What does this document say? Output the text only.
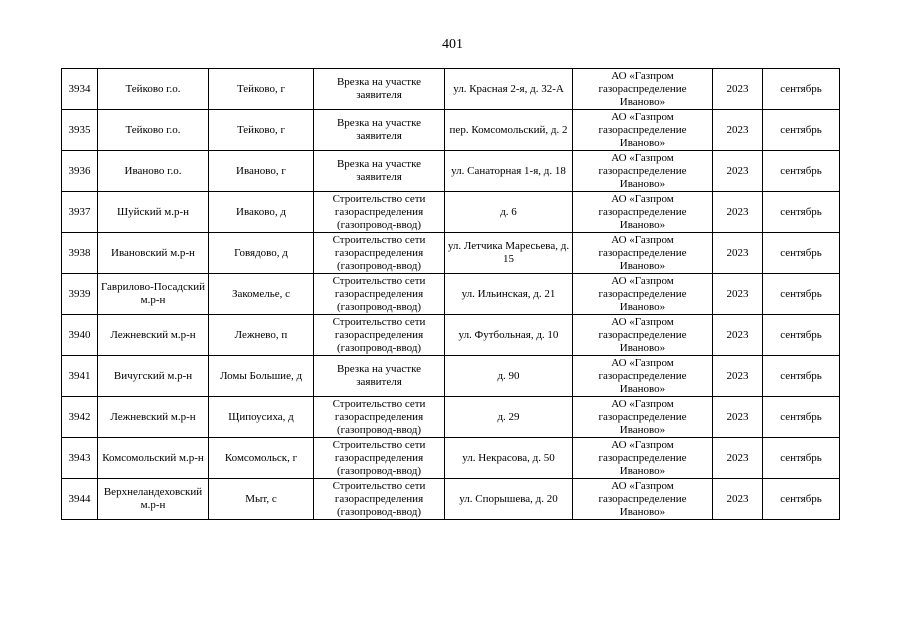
401
3934	Тейково г.о.	Тейково, г	Врезка на участке заявителя	ул. Красная 2-я, д. 32-А	АО «Газпром газораспределение Иваново»	2023	сентябрь
3935	Тейково г.о.	Тейково, г	Врезка на участке заявителя	пер. Комсомольский, д. 2	АО «Газпром газораспределение Иваново»	2023	сентябрь
3936	Иваново г.о.	Иваново, г	Врезка на участке заявителя	ул. Санаторная 1-я, д. 18	АО «Газпром газораспределение Иваново»	2023	сентябрь
3937	Шуйский м.р-н	Иваково, д	Строительство сети газораспределения (газопровод-ввод)	д. 6	АО «Газпром газораспределение Иваново»	2023	сентябрь
3938	Ивановский м.р-н	Говядово, д	Строительство сети газораспределения (газопровод-ввод)	ул. Летчика Маресьева, д. 15	АО «Газпром газораспределение Иваново»	2023	сентябрь
3939	Гаврилово-Посадский м.р-н	Закомелье, с	Строительство сети газораспределения (газопровод-ввод)	ул. Ильинская, д. 21	АО «Газпром газораспределение Иваново»	2023	сентябрь
3940	Лежневский м.р-н	Лежнево, п	Строительство сети газораспределения (газопровод-ввод)	ул. Футбольная, д. 10	АО «Газпром газораспределение Иваново»	2023	сентябрь
3941	Вичугский м.р-н	Ломы Большие, д	Врезка на участке заявителя	д. 90	АО «Газпром газораспределение Иваново»	2023	сентябрь
3942	Лежневский м.р-н	Щипоусиха, д	Строительство сети газораспределения (газопровод-ввод)	д. 29	АО «Газпром газораспределение Иваново»	2023	сентябрь
3943	Комсомольский м.р-н	Комсомольск, г	Строительство сети газораспределения (газопровод-ввод)	ул. Некрасова, д. 50	АО «Газпром газораспределение Иваново»	2023	сентябрь
3944	Верхнеландеховский м.р-н	Мыт, с	Строительство сети газораспределения (газопровод-ввод)	ул. Спорышева, д. 20	АО «Газпром газораспределение Иваново»	2023	сентябрь
